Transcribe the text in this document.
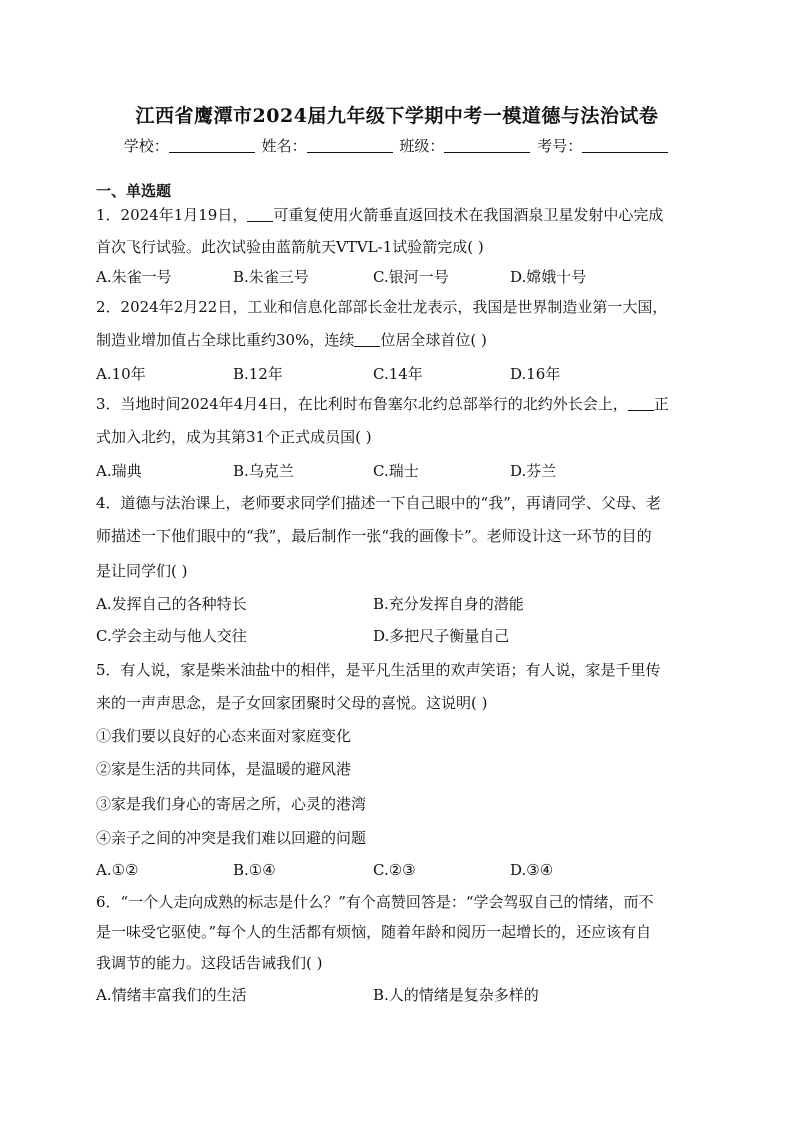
江西省鹰潭市2024届九年级下学期中考一模道德与法治试卷
学校：	姓名：	班级：	考号：
一、单选题
1．2024年1月19日， 可重复使用火箭垂直返回技术在我国酒泉卫星发射中心完成
首次飞行试验。此次试验由蓝箭航天VTVL-1试验箭完成( )
A.朱雀一号	B.朱雀三号	C.银河一号	D.嫦娥十号
2．2024年2月22日，工业和信息化部部长金壮龙表示，我国是世界制造业第一大国，
制造业增加值占全球比重约30%，连续 位居全球首位( )
A.10年	B.12年	C.14年	D.16年
3．当地时间2024年4月4日，在比利时布鲁塞尔北约总部举行的北约外长会上， 正
式加入北约，成为其第31个正式成员国( )
A.瑞典	B.乌克兰	C.瑞士	D.芬兰
4．道德与法治课上，老师要求同学们描述一下自己眼中的“我”，再请同学、父母、老
师描述一下他们眼中的“我”，最后制作一张“我的画像卡”。老师设计这一环节的目的
是让同学们( )
A.发挥自己的各种特长	B.充分发挥自身的潜能
C.学会主动与他人交往	D.多把尺子衡量自己
5．有人说，家是柴米油盐中的相伴，是平凡生活里的欢声笑语；有人说，家是千里传
来的一声声思念，是子女回家团聚时父母的喜悦。这说明( )
①我们要以良好的心态来面对家庭变化
②家是生活的共同体，是温暖的避风港
③家是我们身心的寄居之所，心灵的港湾
④亲子之间的冲突是我们难以回避的问题
A.①②	B.①④	C.②③	D.③④
6．“一个人走向成熟的标志是什么？”有个高赞回答是：“学会驾驭自己的情绪，而不
是一味受它驱使。”每个人的生活都有烦恼，随着年龄和阅历一起增长的，还应该有自
我调节的能力。这段话告诫我们( )
A.情绪丰富我们的生活	B.人的情绪是复杂多样的
